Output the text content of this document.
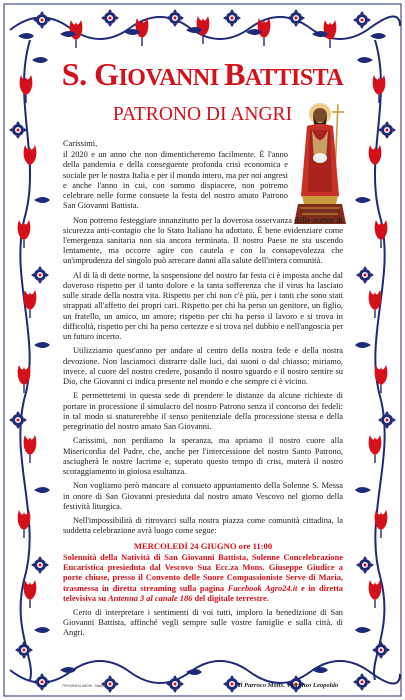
S. GIOVANNI BATTISTA
PATRONO DI ANGRI

Carissimi,

il 2020 e un anno che non dimenticheremo facilmente. È l'anno della pandemia e della conseguente profonda crisi economica e sociale per le nostra Italia e per il mondo intero, ma per noi angresi e anche l'anno in cui, con sommo dispiacere, non potremo celebrare nelle forme consuete la festa del nostro amato Patrono San Giovanni Battista.

Non potremo festeggiare innanzitutto per la doverosa osservanza delle norme di sicurezza anti-contagio che lo Stato Italiano ha adottato. È bene evidenziare come l'emergenza sanitaria non sia ancora terminata. Il nostro Paese ne sta uscendo lentamente, ma occorre agire con cautela e con la consapevolezza che un'imprudenza del singolo può arrecare danni alla salute dell'intera comunità.

Al di là di dette norme, la sospensione del nostro far festa ci è imposta anche dal doveroso rispetto per il tanto dolore e la tanta sofferenza che il virus ha lasciato sulle strade della nostra vita. Rispetto per chi non c'è più, per i tanti che sono stati strappati all'affetto dei propri cari. Rispetto per chi ha perso un genitore, un figlio, un fratello, un amico, un amore; rispetto per chi ha perso il lavoro e si trova in difficoltà, rispetto per chi ha perso certezze e si trova nel dubbio e nell'angoscia per un futuro incerto.

Utilizziamo quest'anno per andare al centro della nostra fede e della nostra devozione. Non lasciamoci distrarre dalle luci, dai suoni o dal chiasso; miriamo, invece, al cuore del nostro credere, posando il nostro sguardo e il nostro sentire su Dio, che Giovanni ci indica presente nel mondo e che sempre ci è vicino.

E permettetemi in questa sede di prendere le distanze da alcune richieste di portare in processione il simulacro del nostro Patrono senza il concorso dei fedeli: in tal modo si snaturerebbe il senso penitenziale della processione stessa e della peregrinatio del nostro amato San Giovanni.

Carissimi, non perdiamo la speranza, ma apriamo il nostro cuore alla Misericordia del Padre, che, anche per l'intercessione del nostro Santo Patrono, asciugherà le nostre lacrime e, superato questo tempo di crisi, muterà il nostro scoraggiamento in gioiosa esultanza.

Non vogliamo però mancare al consueto appuntamento della Solenne S. Messa in onore di San Giovanni presieduta dal nostro amato Vescovo nel giorno della festività liturgica.

Nell'impossibilità di ritrovarci sulla nostra piazza come comunità cittadina, la suddetta celebrazione avrà luogo come segue:

MERCOLEDÌ 24 GIUGNO ore 11:00

Solennità della Natività di San Giovanni Battista, Solenne Concelebrazione Eucaristica presieduta dal Vescovo Sua Ecc.za Mons. Giuseppe Giudice a porte chiuse, presso il Convento delle Suore Compassioniste Serve di Maria, trasmessa in diretta streaming sulla pagina Facebook Agro24.it e in diretta televisiva su Antenna 3 al canale 186 del digitale terrestre.

Certo di interpretare i sentimenti di voi tutti, imploro la benedizione di San Giovanni Battista, affinché vegli sempre sulle vostre famiglie e sulla città, di Angri.

TIPOGRAFIA ANGRI - Stampa ...	Il Parroco Mons. Vincenzo Leopoldo
